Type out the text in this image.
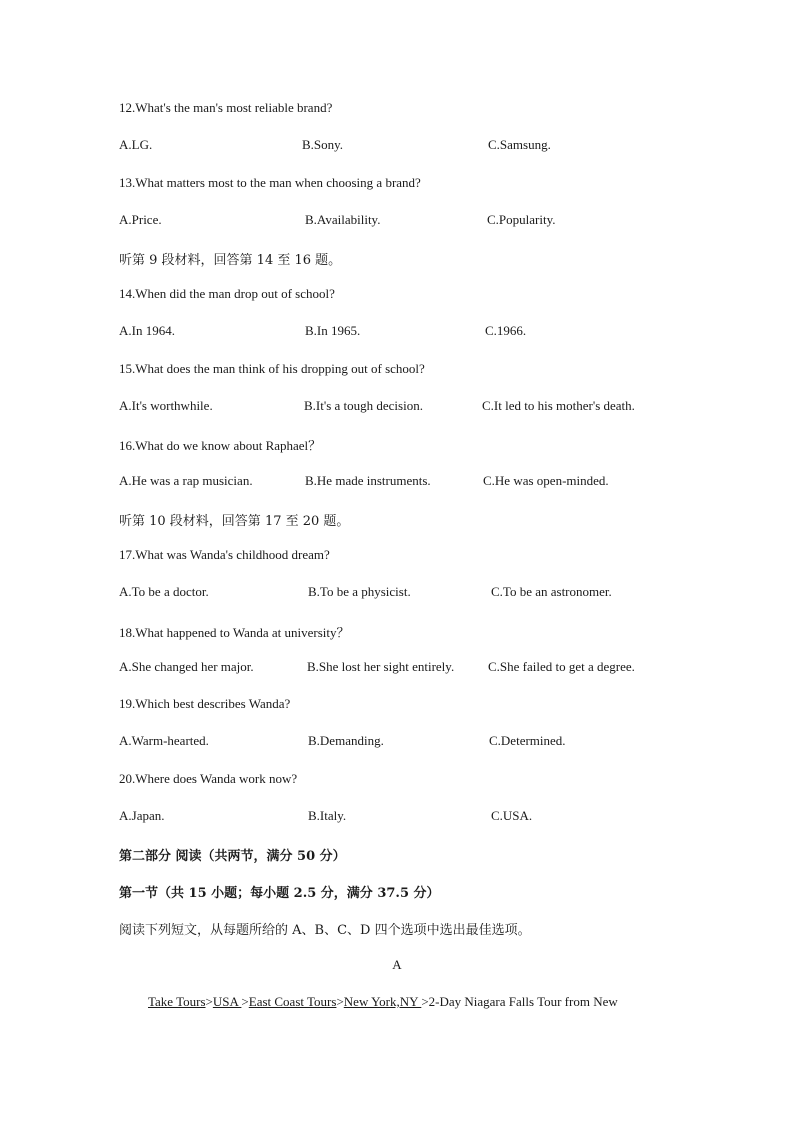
12.What's the man's most reliable brand?
A.LG.	B.Sony.	C.Samsung.
13.What matters most to the man when choosing a brand?
A.Price.	B.Availability.	C.Popularity.
听第 9 段材料，回答第 14 至 16 题。
14.When did the man drop out of school?
A.In 1964.	B.In 1965.	C.1966.
15.What does the man think of his dropping out of school?
A.It's worthwhile.	B.It's a tough decision.	C.It led to his mother's death.
16.What do we know about Raphael？
A.He was a rap musician.	B.He made instruments.	C.He was open-minded.
听第 10 段材料，回答第 17 至 20 题。
17.What was Wanda's childhood dream?
A.To be a doctor.	B.To be a physicist.	C.To be an astronomer.
18.What happened to Wanda at university？
A.She changed her major.	B.She lost her sight entirely.	C.She failed to get a degree.
19.Which best describes Wanda?
A.Warm-hearted.	B.Demanding.	C.Determined.
20.Where does Wanda work now?
A.Japan.	B.Italy.	C.USA.
第二部分 阅读（共两节，满分 50 分）
第一节（共 15 小题；每小题 2.5 分，满分 37.5 分）
阅读下列短文，从每题所给的 A、B、C、D 四个选项中选出最佳选项。
A
Take Tours>USA >East Coast Tours>New York,NY >2-Day Niagara Falls Tour from New
